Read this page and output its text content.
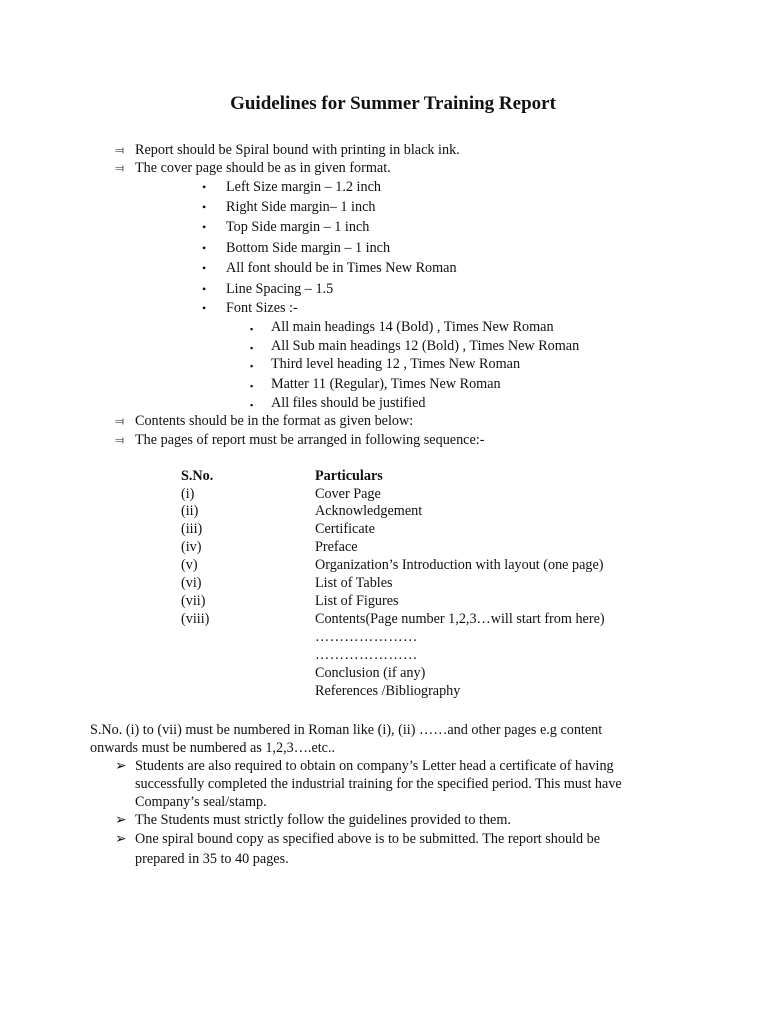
Guidelines for Summer Training Report
⫤ Report should be Spiral bound with printing in black ink.
⫤ The cover page should be as in given format.
• Left Size margin – 1.2 inch
• Right Side margin– 1 inch
• Top Side margin – 1 inch
• Bottom Side margin – 1 inch
• All font should be in Times New Roman
• Line Spacing – 1.5
• Font Sizes :-
▪ All main headings 14 (Bold) , Times New Roman
▪ All Sub main headings 12 (Bold) , Times New Roman
▪ Third level heading 12 , Times New Roman
▪ Matter 11 (Regular), Times New Roman
▪ All files should be justified
⫤ Contents should be in the format as given below:
⫤ The pages of report must be arranged in following sequence:-
S.No.	Particulars
(i)	Cover Page
(ii)	Acknowledgement
(iii)	Certificate
(iv)	Preface
(v)	Organization’s Introduction with layout (one page)
(vi)	List of Tables
(vii)	List of Figures
(viii)	Contents(Page number 1,2,3…will start from here)
…………………
…………………
Conclusion (if any)
References /Bibliography
S.No. (i) to (vii) must be numbered in Roman like (i), (ii) ……and other pages e.g content
onwards must be numbered as 1,2,3….etc..
➢ Students are also required to obtain on company’s Letter head a certificate of having
successfully completed the industrial training for the specified period. This must have
Company’s seal/stamp.
➢ The Students must strictly follow the guidelines provided to them.
➢ One spiral bound copy as specified above is to be submitted. The report should be
prepared in 35 to 40 pages.
